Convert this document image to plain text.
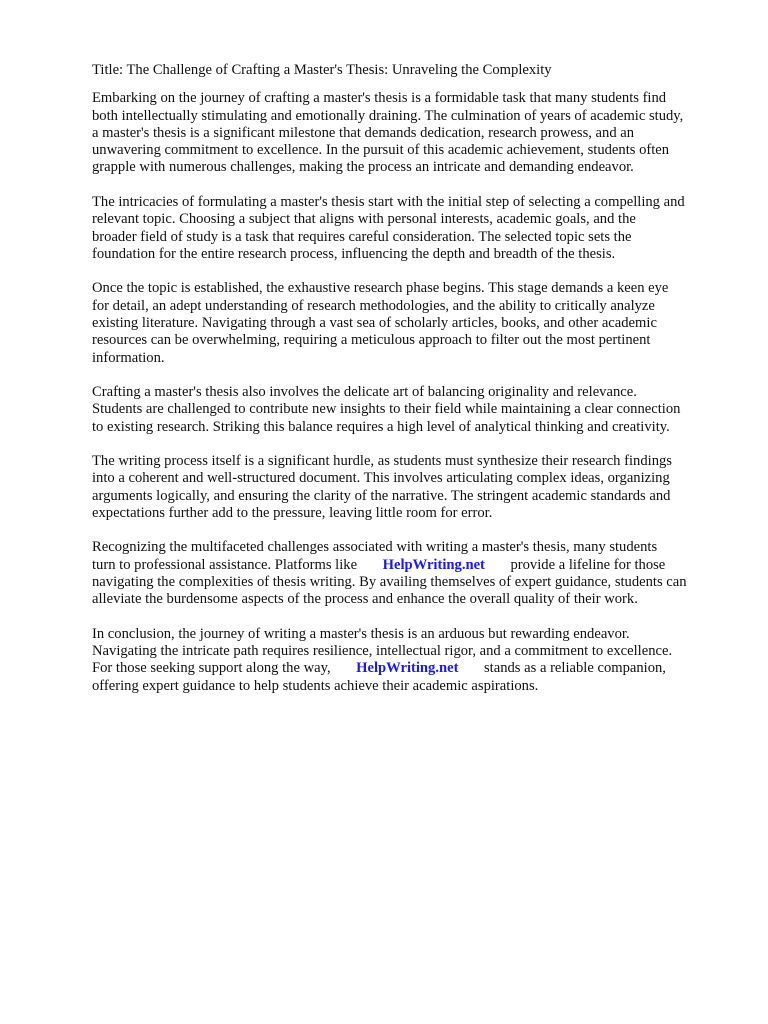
Title: The Challenge of Crafting a Master's Thesis: Unraveling the Complexity
Embarking on the journey of crafting a master's thesis is a formidable task that many students find
both intellectually stimulating and emotionally draining. The culmination of years of academic study,
a master's thesis is a significant milestone that demands dedication, research prowess, and an
unwavering commitment to excellence. In the pursuit of this academic achievement, students often
grapple with numerous challenges, making the process an intricate and demanding endeavor.
The intricacies of formulating a master's thesis start with the initial step of selecting a compelling and
relevant topic. Choosing a subject that aligns with personal interests, academic goals, and the
broader field of study is a task that requires careful consideration. The selected topic sets the
foundation for the entire research process, influencing the depth and breadth of the thesis.
Once the topic is established, the exhaustive research phase begins. This stage demands a keen eye
for detail, an adept understanding of research methodologies, and the ability to critically analyze
existing literature. Navigating through a vast sea of scholarly articles, books, and other academic
resources can be overwhelming, requiring a meticulous approach to filter out the most pertinent
information.
Crafting a master's thesis also involves the delicate art of balancing originality and relevance.
Students are challenged to contribute new insights to their field while maintaining a clear connection
to existing research. Striking this balance requires a high level of analytical thinking and creativity.
The writing process itself is a significant hurdle, as students must synthesize their research findings
into a coherent and well-structured document. This involves articulating complex ideas, organizing
arguments logically, and ensuring the clarity of the narrative. The stringent academic standards and
expectations further add to the pressure, leaving little room for error.
Recognizing the multifaceted challenges associated with writing a master's thesis, many students
turn to professional assistance. Platforms like HelpWriting.net provide a lifeline for those
navigating the complexities of thesis writing. By availing themselves of expert guidance, students can
alleviate the burdensome aspects of the process and enhance the overall quality of their work.
In conclusion, the journey of writing a master's thesis is an arduous but rewarding endeavor.
Navigating the intricate path requires resilience, intellectual rigor, and a commitment to excellence.
For those seeking support along the way, HelpWriting.net stands as a reliable companion,
offering expert guidance to help students achieve their academic aspirations.
